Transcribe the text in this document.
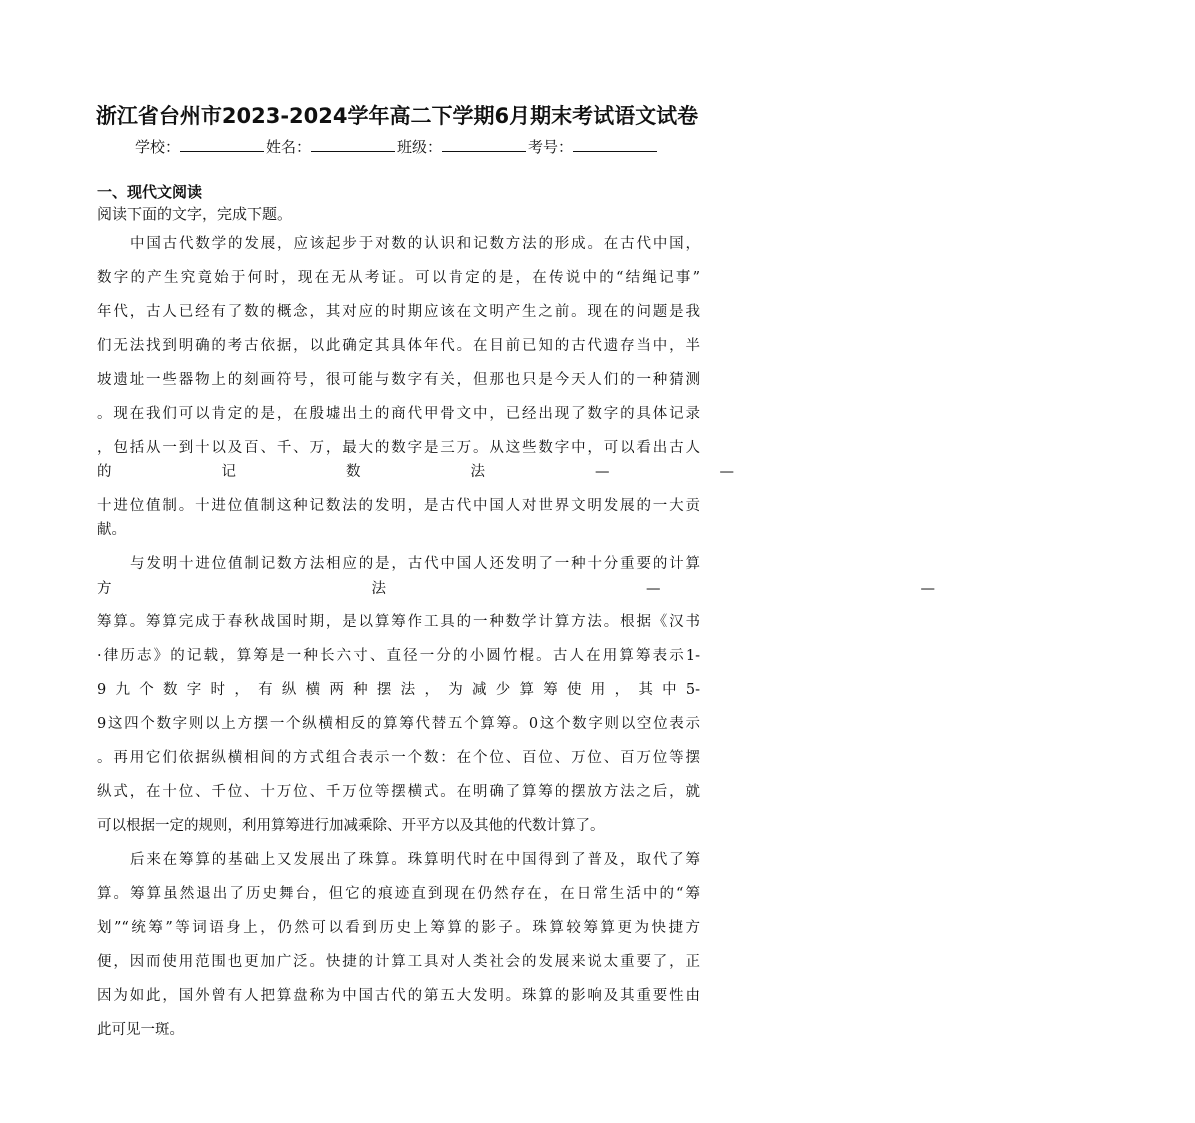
浙江省台州市2023-2024学年高二下学期6月期末考试语文试卷
学校：	姓名：	班级：	考号：
一、现代文阅读
阅读下面的文字，完成下题。
中国古代数学的发展，应该起步于对数的认识和记数方法的形成。在古代中国，
数字的产生究竟始于何时，现在无从考证。可以肯定的是，在传说中的“结绳记事”
年代，古人已经有了数的概念，其对应的时期应该在文明产生之前。现在的问题是我
们无法找到明确的考古依据，以此确定其具体年代。在目前已知的古代遗存当中，半
坡遗址一些器物上的刻画符号，很可能与数字有关，但那也只是今天人们的一种猜测
。现在我们可以肯定的是，在殷墟出土的商代甲骨文中，已经出现了数字的具体记录
，包括从一到十以及百、千、万，最大的数字是三万。从这些数字中，可以看出古人
的记数法——
十进位值制。十进位值制这种记数法的发明，是古代中国人对世界文明发展的一大贡
献。
与发明十进位值制记数方法相应的是，古代中国人还发明了一种十分重要的计算
方法——
筹算。筹算完成于春秋战国时期，是以算筹作工具的一种数学计算方法。根据《汉书
·律历志》的记载，算筹是一种长六寸、直径一分的小圆竹棍。古人在用算筹表示1-
9九个数字时，有纵横两种摆法，为减少算筹使用，其中5-
9这四个数字则以上方摆一个纵横相反的算筹代替五个算筹。0这个数字则以空位表示
。再用它们依据纵横相间的方式组合表示一个数：在个位、百位、万位、百万位等摆
纵式，在十位、千位、十万位、千万位等摆横式。在明确了算筹的摆放方法之后，就
可以根据一定的规则，利用算筹进行加减乘除、开平方以及其他的代数计算了。
后来在筹算的基础上又发展出了珠算。珠算明代时在中国得到了普及，取代了筹
算。筹算虽然退出了历史舞台，但它的痕迹直到现在仍然存在，在日常生活中的“筹
划”“统筹”等词语身上，仍然可以看到历史上筹算的影子。珠算较筹算更为快捷方
便，因而使用范围也更加广泛。快捷的计算工具对人类社会的发展来说太重要了，正
因为如此，国外曾有人把算盘称为中国古代的第五大发明。珠算的影响及其重要性由
此可见一斑。
